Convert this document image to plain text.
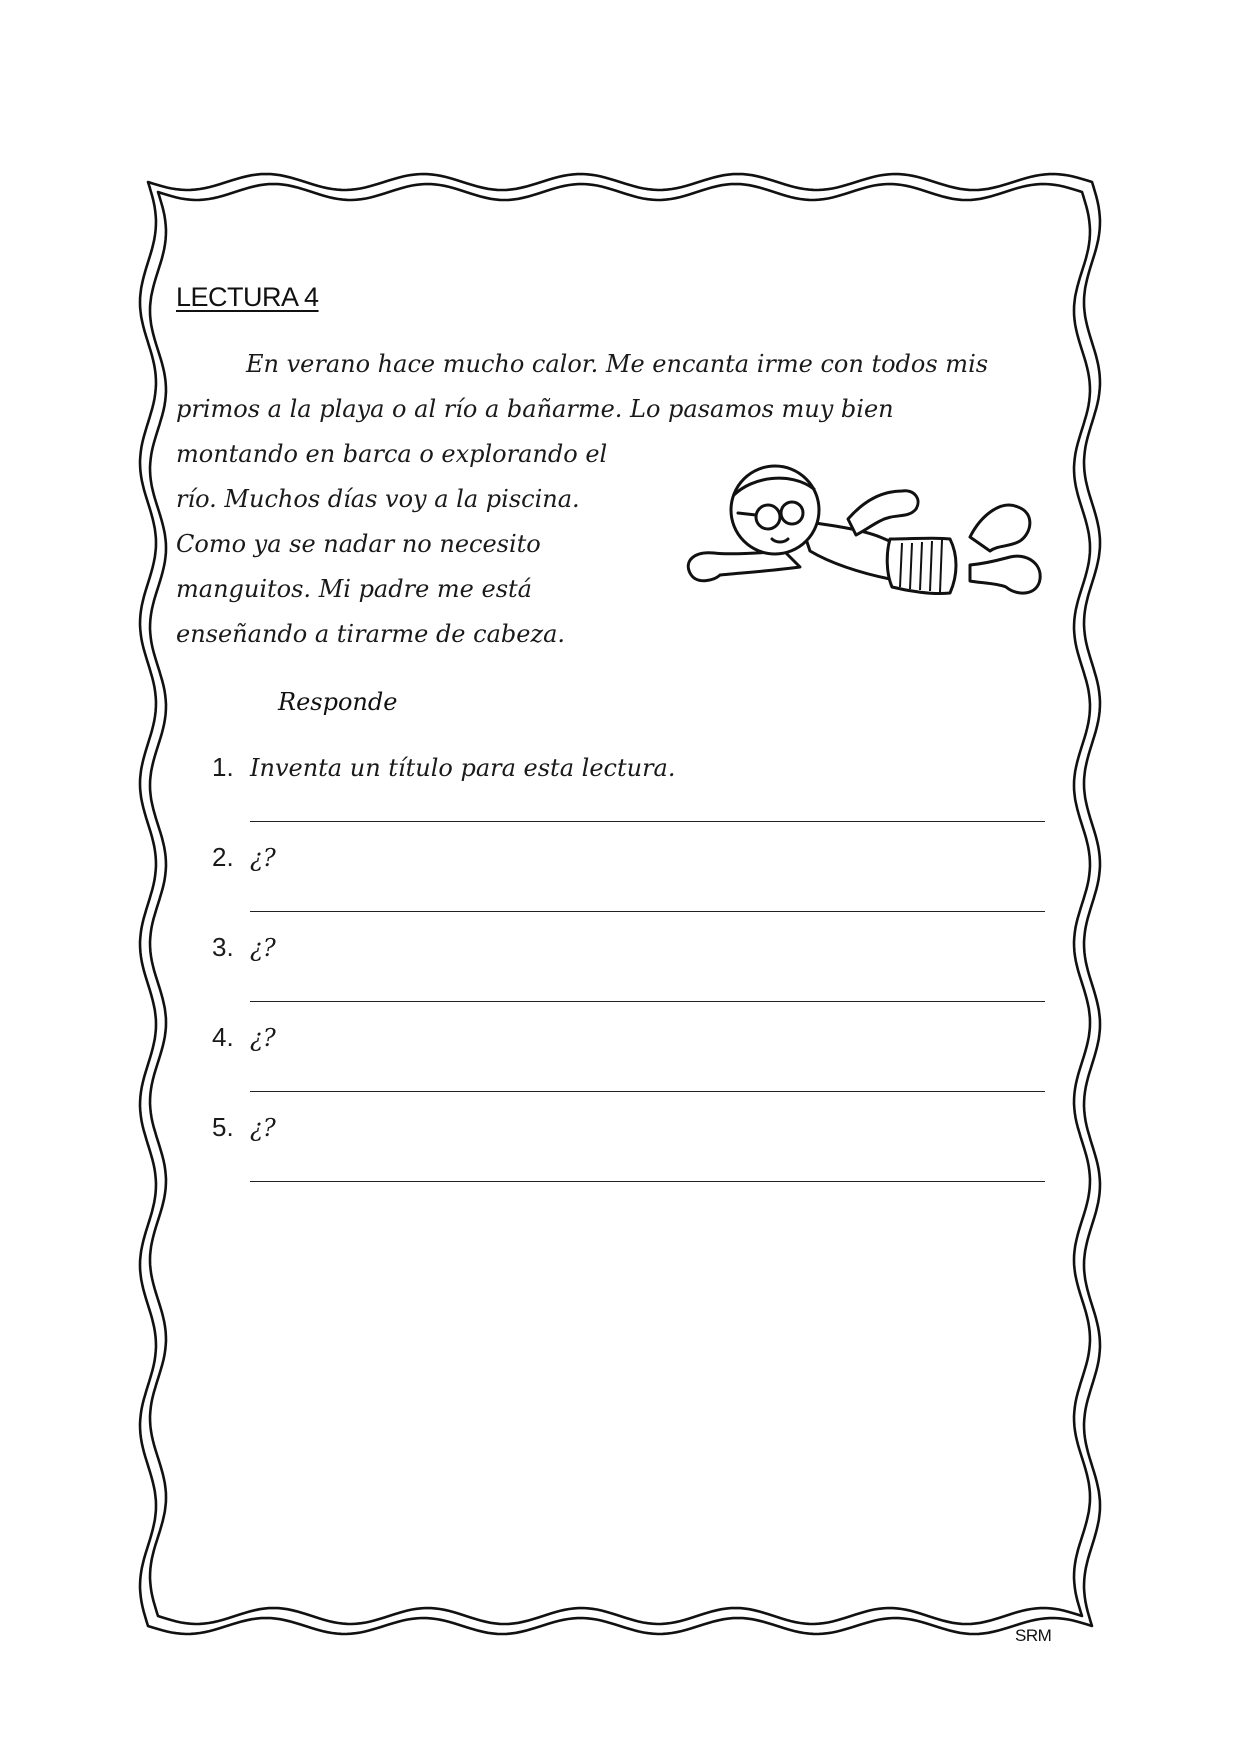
LECTURA 4
En verano hace mucho calor. Me encanta irme con todos mis
primos a la playa o al río a bañarme. Lo pasamos muy bien
montando en barca o explorando el
río. Muchos días voy a la piscina.
Como ya se nadar no necesito
manguitos. Mi padre me está
enseñando a tirarme de cabeza.
Responde
1. Inventa un título para esta lectura.
2. ¿?
3. ¿?
4. ¿?
5. ¿?
SRM
